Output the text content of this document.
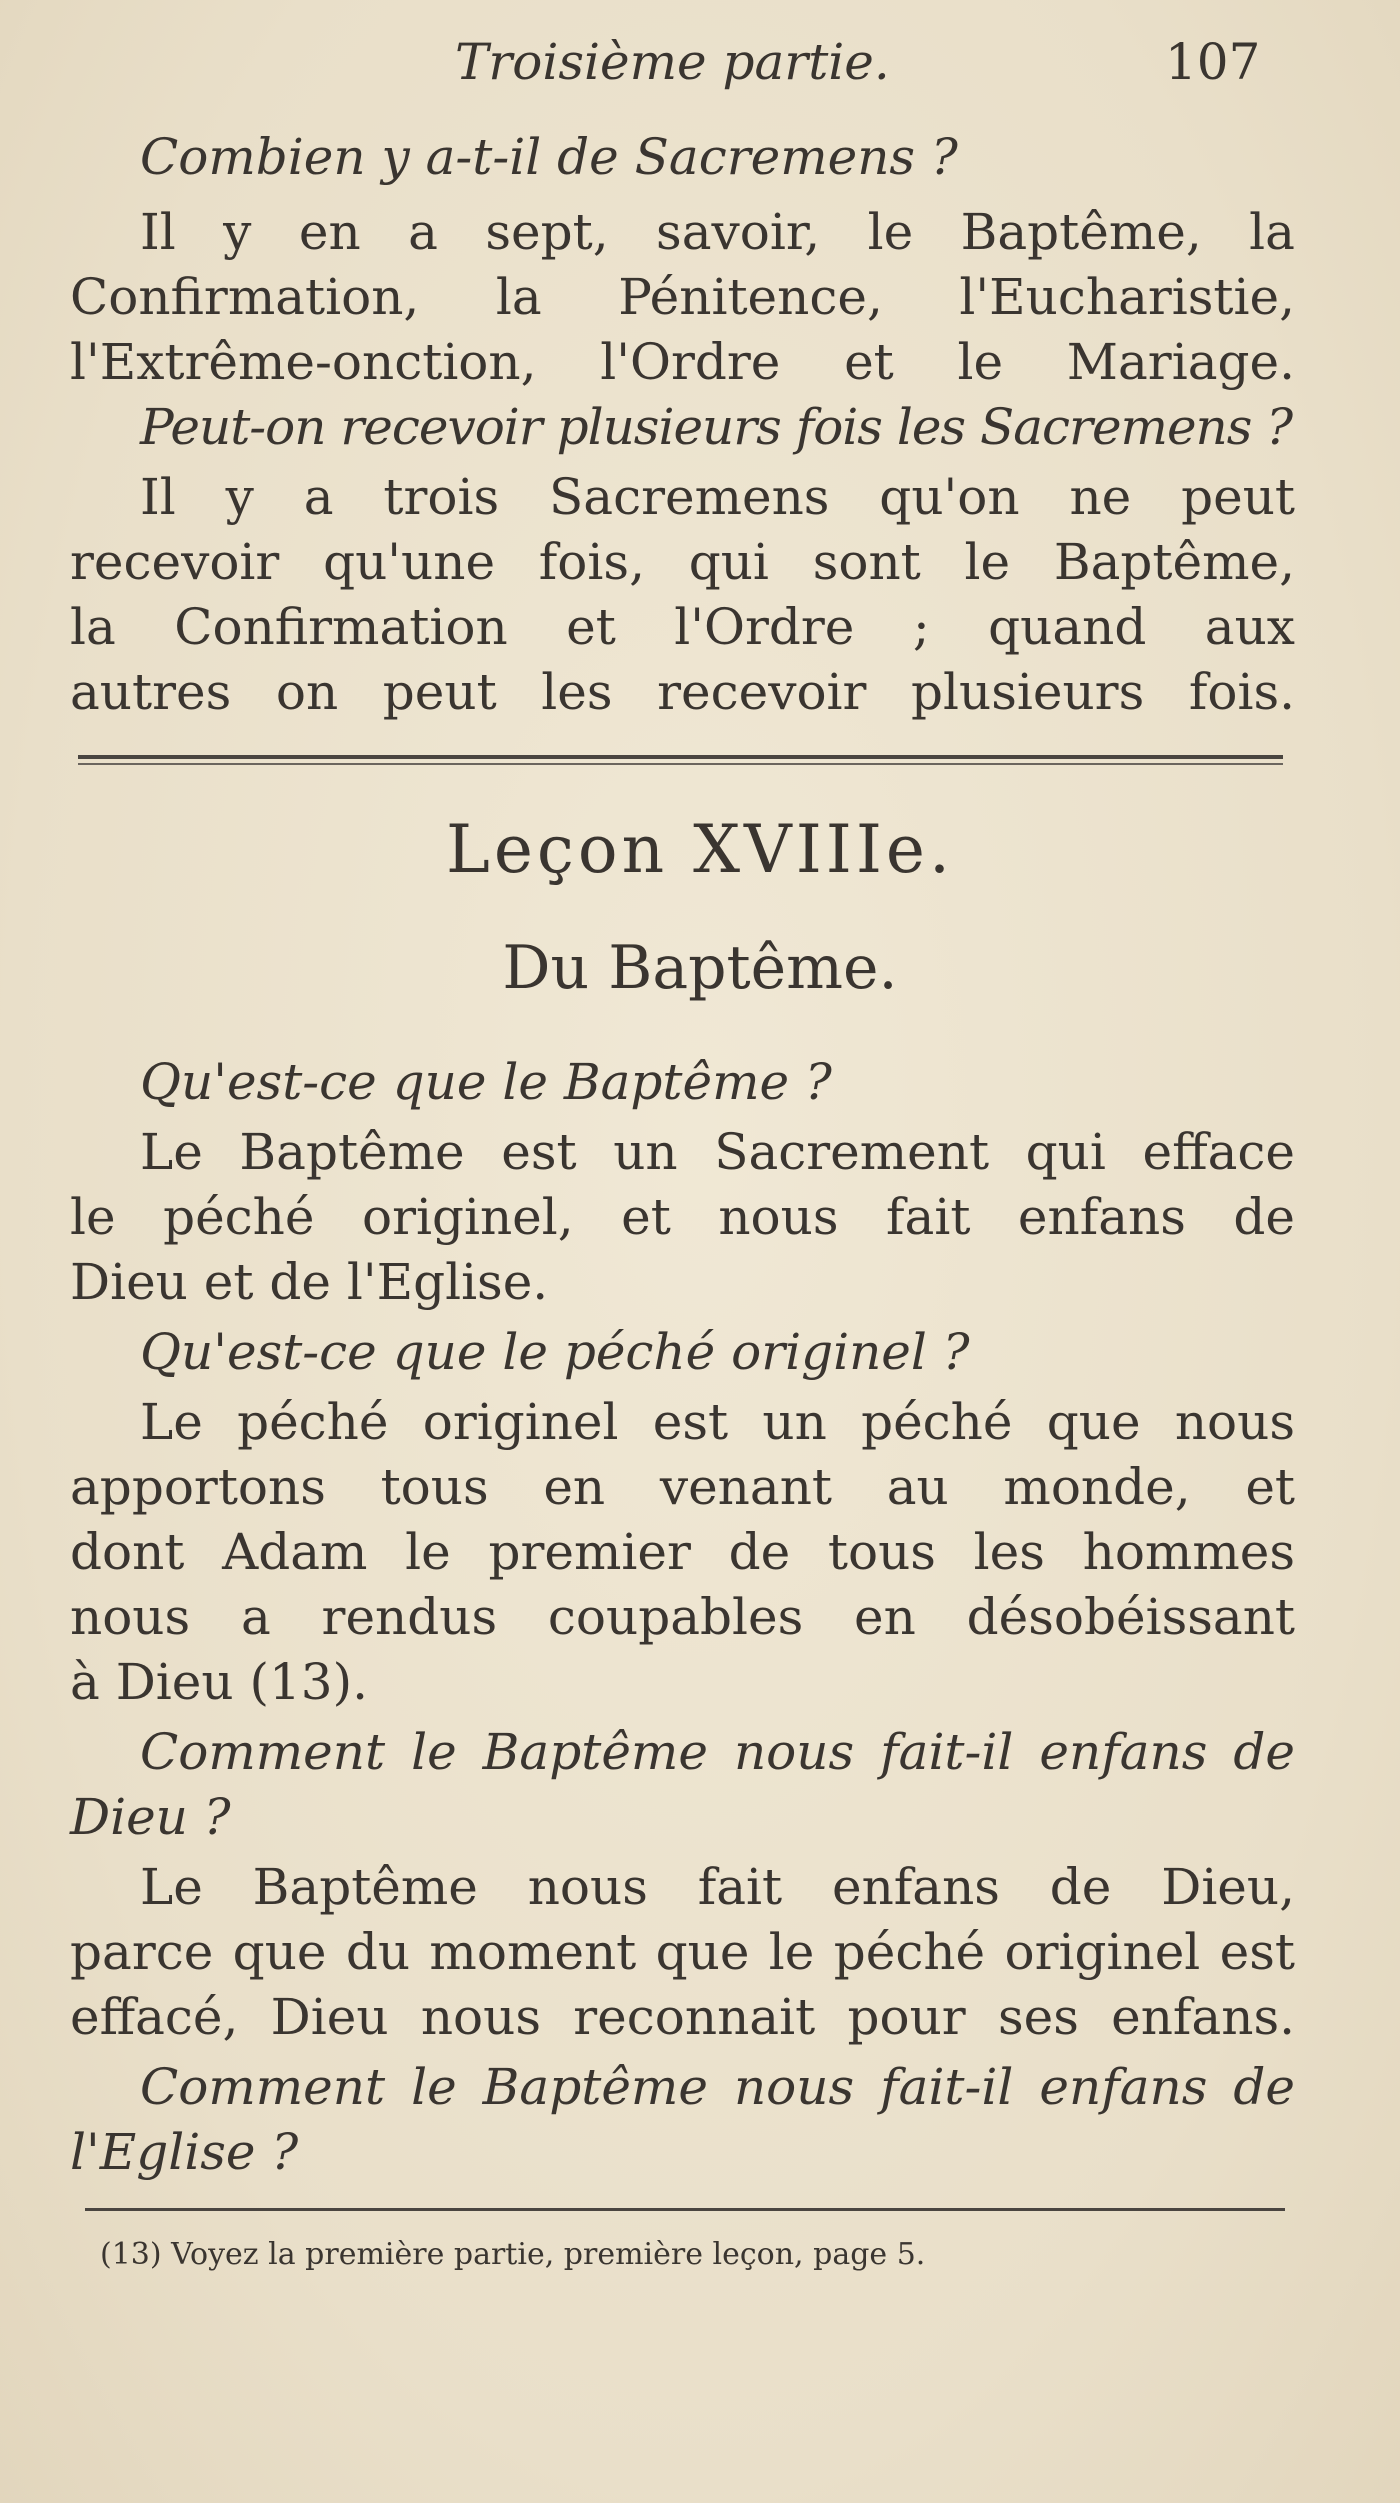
Troisième partie.	107
Combien y a-t-il de Sacremens ?
Il y en a sept, savoir, le Baptême, la
Confirmation, la Pénitence, l'Eucharistie,
l'Extrême-onction, l'Ordre et le Mariage.
Peut-on recevoir plusieurs fois les Sacremens ?
Il y a trois Sacremens qu'on ne peut
recevoir qu'une fois, qui sont le Baptême,
la Confirmation et l'Ordre ; quand aux
autres on peut les recevoir plusieurs fois.
Leçon XVIIIe.
Du Baptême.
Qu'est-ce que le Baptême ?
Le Baptême est un Sacrement qui efface
le péché originel, et nous fait enfans de
Dieu et de l'Eglise.
Qu'est-ce que le péché originel ?
Le péché originel est un péché que nous
apportons tous en venant au monde, et
dont Adam le premier de tous les hommes
nous a rendus coupables en désobéissant
à Dieu (13).
Comment le Baptême nous fait-il enfans de
Dieu ?
Le Baptême nous fait enfans de Dieu,
parce que du moment que le péché originel est
effacé, Dieu nous reconnait pour ses enfans.
Comment le Baptême nous fait-il enfans de
l'Eglise ?
(13) Voyez la première partie, première leçon, page 5.
